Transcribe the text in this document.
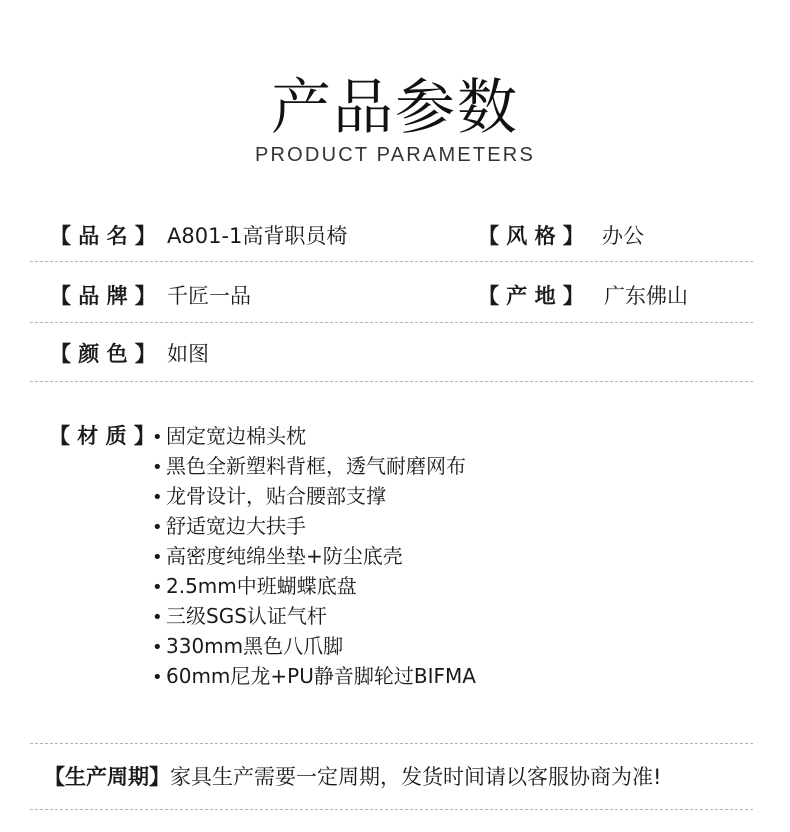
产品参数
PRODUCT PARAMETERS
【 品 名 】 A801-1高背职员椅	【 风 格 】 办公
【 品 牌 】 千匠一品	【 产 地 】 广东佛山
【 颜 色 】 如图
【 材 质 】
• 固定宽边棉头枕
• 黑色全新塑料背框，透气耐磨网布
• 龙骨设计，贴合腰部支撑
• 舒适宽边大扶手
• 高密度纯绵坐垫+防尘底壳
• 2.5mm中班蝴蝶底盘
• 三级SGS认证气杆
• 330mm黑色八爪脚
• 60mm尼龙+PU静音脚轮过BIFMA
【生产周期】家具生产需要一定周期，发货时间请以客服协商为准!
